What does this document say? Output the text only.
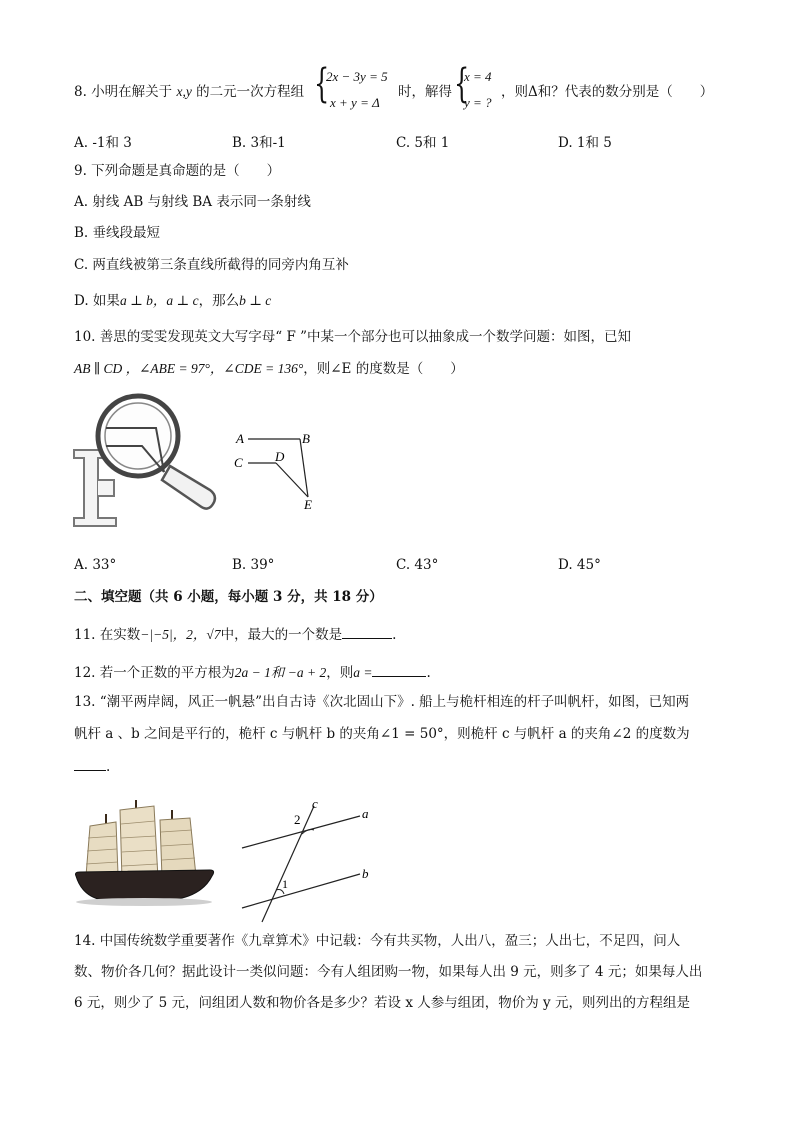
8. 小明在解关于 x,y 的二元一次方程组 {
2x − 3y = 5
x + y = Δ
时，解得 {
x = 4
y = ?
，则Δ和？代表的数分别是（　　）
A. -1和 3	B. 3和-1	C. 5和 1	D. 1和 5
9. 下列命题是真命题的是（　　）
A. 射线 AB 与射线 BA 表示同一条射线
B. 垂线段最短
C. 两直线被第三条直线所截得的同旁内角互补
D. 如果a ⊥ b，a ⊥ c，那么b ⊥ c
10. 善思的雯雯发现英文大写字母“ F ”中某一个部分也可以抽象成一个数学问题：如图，已知
AB ∥ CD ，∠ABE = 97°，∠CDE = 136°，则∠E 的度数是（　　）
A	B
C D
E
A. 33°	B. 39°	C. 43°	D. 45°
二、填空题（共 6 小题，每小题 3 分，共 18 分）
11. 在实数−|−5|，2，√7中，最大的一个数是	.
12. 若一个正数的平方根为2a − 1和 −a + 2，则a =	.
13. “潮平两岸阔，风正一帆悬”出自古诗《次北固山下》. 船上与桅杆相连的杆子叫帆杆，如图，已知两
帆杆 a 、b 之间是平行的，桅杆 c 与帆杆 b 的夹角∠1 = 50°，则桅杆 c 与帆杆 a 的夹角∠2 的度数为
.
c
a
b
2
1
14. 中国传统数学重要著作《九章算术》中记载：今有共买物，人出八，盈三；人出七，不足四，问人
数、物价各几何？据此设计一类似问题：今有人组团购一物，如果每人出 9 元，则多了 4 元；如果每人出
6 元，则少了 5 元，问组团人数和物价各是多少？若设 x 人参与组团，物价为 y 元，则列出的方程组是
